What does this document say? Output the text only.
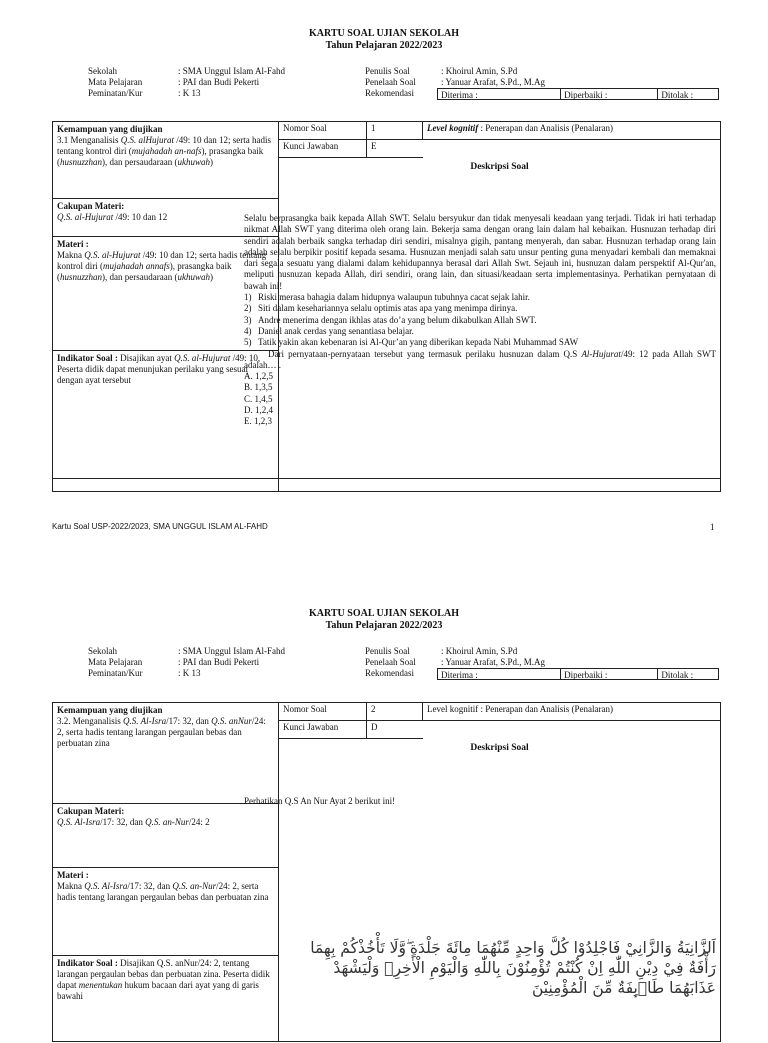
KARTU SOAL UJIAN SEKOLAH
Tahun Pelajaran 2022/2023
Sekolah	: SMA Unggul Islam Al-Fahd
Mata Pelajaran	: PAI dan Budi Pekerti
Peminatan/Kur	: K 13
Penulis Soal	: Khoirul Amin, S.Pd
Penelaah Soal	: Yanuar Arafat, S.Pd., M.Ag
Rekomendasi	Diterima :	Diperbaiki :	Ditolak :
Kemampuan yang diujikan
3.1 Menganalisis Q.S. alHujurat /49: 10 dan 12; serta hadis tentang kontrol diri (mujahadah an-nafs), prasangka baik (husnuzzhan), dan persaudaraan (ukhuwah)
Cakupan Materi:
Q.S. al-Hujurat /49: 10 dan 12
Materi :
Makna Q.S. al-Hujurat /49: 10 dan 12; serta hadis tentang kontrol diri (mujahadah annafs), prasangka baik (husnuzzhan), dan persaudaraan (ukhuwah)
Indikator Soal : Disajikan ayat Q.S. al-Hujurat /49: 10, Peserta didik dapat menunjukan perilaku yang sesuai dengan ayat tersebut
Nomor Soal	1	Level kognitif : Penerapan dan Analisis (Penalaran)
Kunci Jawaban	E
Deskripsi Soal

Selalu berprasangka baik kepada Allah SWT. Selalu bersyukur dan tidak menyesali keadaan yang terjadi. Tidak iri hati terhadap nikmat Allah SWT yang diterima oleh orang lain. Bekerja sama dengan orang lain dalam hal kebaikan. Husnuzan terhadap diri sendiri adalah berbaik sangka terhadap diri sendiri, misalnya gigih, pantang menyerah, dan sabar. Husnuzan terhadap orang lain adalah selalu berpikir positif kepada sesama. Husnuzan menjadi salah satu unsur penting guna menyadari kembali dan memaknai dari segala sesuatu yang dialami dalam kehidupannya berasal dari Allah Swt. Sejauh ini, husnuzan dalam perspektif Al-Qur'an, meliputi husnuzan kepada Allah, diri sendiri, orang lain, dan situasi/keadaan serta implementasinya. Perhatikan pernyataan di bawah ini!

1) Riski merasa bahagia dalam hidupnya walaupun tubuhnya cacat sejak lahir.
2) Siti dalam kesehariannya selalu optimis atas apa yang menimpa dirinya.
3) Andre menerima dengan ikhlas atas do’a yang belum dikabulkan Allah SWT.
4) Daniel anak cerdas yang senantiasa belajar.
5) Tatik yakin akan kebenaran isi Al-Qur’an yang diberikan kepada Nabi Muhammad SAW

Dari pernyataan-pernyataan tersebut yang termasuk perilaku husnuzan dalam Q.S Al-Hujurat/49: 12 pada Allah SWT adalah… .

A. 1,2,5
B. 1,3,5
C. 1,4,5
D. 1,2,4
E. 1,2,3
Kartu Soal USP-2022/2023, SMA UNGGUL ISLAM AL-FAHD	1
KARTU SOAL UJIAN SEKOLAH
Tahun Pelajaran 2022/2023
Sekolah	: SMA Unggul Islam Al-Fahd
Mata Pelajaran	: PAI dan Budi Pekerti
Peminatan/Kur	: K 13
Penulis Soal	: Khoirul Amin, S.Pd
Penelaah Soal	: Yanuar Arafat, S.Pd., M.Ag
Rekomendasi	Diterima :	Diperbaiki :	Ditolak :
Kemampuan yang diujikan
3.2. Menganalisis Q.S. Al-Isra/17: 32, dan Q.S. anNur/24: 2, serta hadis tentang larangan pergaulan bebas dan perbuatan zina
Cakupan Materi:
Q.S. Al-Isra/17: 32, dan Q.S. an-Nur/24: 2
Materi :
Makna Q.S. Al-Isra/17: 32, dan Q.S. an-Nur/24: 2, serta hadis tentang larangan pergaulan bebas dan perbuatan zina
Indikator Soal : Disajikan Q.S. anNur/24: 2, tentang larangan pergaulan bebas dan perbuatan zina. Peserta didik dapat menentukan hukum bacaan dari ayat yang di garis bawahi
Nomor Soal	2	Level kognitif : Penerapan dan Analisis (Penalaran)
Kunci Jawaban	D
Deskripsi Soal
Perhatikan Q.S An Nur Ayat 2 berikut ini!
اَلزَّانِيَةُ وَالزَّانِيْ فَاجْلِدُوْا كُلَّ وَاحِدٍ مِّنْهُمَا مِائَةَ جَلْدَةٍ ۖوَّلَا تَأْخُذْكُمْ بِهِمَا
رَأْفَةٌ فِيْ دِيْنِ اللّٰهِ اِنْ كُنْتُمْ تُؤْمِنُوْنَ بِاللّٰهِ وَالْيَوْمِ الْاٰخِرِۚ وَلْيَشْهَدْ
عَذَابَهُمَا طَاۤىِٕفَةٌ مِّنَ الْمُؤْمِنِيْنَ
